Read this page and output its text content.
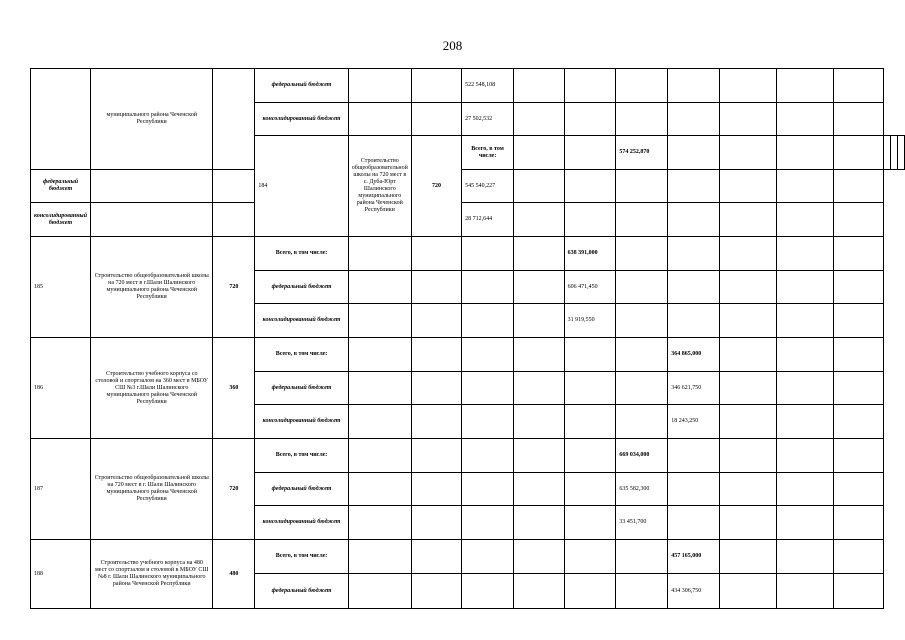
208
	муниципального района Чеченской Республики		федеральный бюджет			522 548,108										
			консолидированный бюджет			27 502,532										
			184	Строительство общеобразовательной школы на 720 мест в с. Дуба-Юрт Шалинского муниципального района Чеченской Республики	720	Всего, в том числе:			574 252,870							
федеральный бюджет						545 540,227										
консолидированный бюджет						28 712,644										
185	Строительство общеобразовательной школы на 720 мест в г.Шали Шалинского муниципального района Чеченской Республики	720	Всего, в том числе:					638 391,000								
			федеральный бюджет					606 471,450								
			консолидированный бюджет					31 919,550								
186	Строительство учебного корпуса со столовой и спортзалом на 360 мест в МБОУ СШ №3 г.Шали Шалинского муниципального района Чеченской Республики	360	Всего, в том числе:							364 865,000						
			федеральный бюджет							346 621,750						
			консолидированный бюджет							18 243,250						
187	Строительство общеобразовательной школы на 720 мест в г. Шали Шалинского муниципального района Чеченской Республики	720	Всего, в том числе:						669 034,000							
			федеральный бюджет						635 582,300							
			консолидированный бюджет						33 451,700							
188	Строительство учебного корпуса на 480 мест со спортзалом и столовой в МБОУ СШ №8 г. Шали Шалинского муниципального района Чеченской Республики	480	Всего, в том числе:							457 165,000						
			федеральный бюджет							434 306,750						
